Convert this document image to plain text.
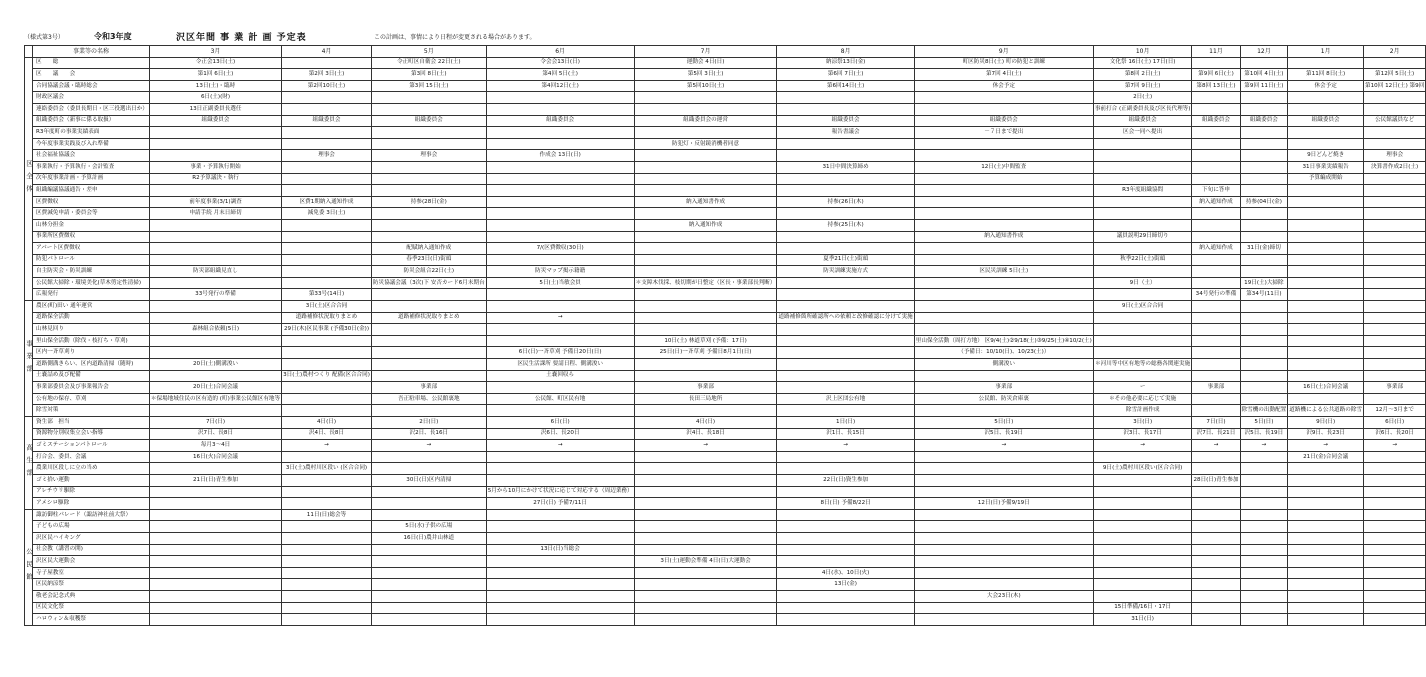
（様式第3号）	令和3年度	沢区年間 事 業 計 画 予定表	この計画は、事情により日程が変更される場合があります。
	事業等の名称	3月	4月	5月	6月	7月	8月	9月	10月	11月	12月	1月	2月
区全体	区　　総	令正会13日(土)		令正町区自衛会 22日(土)	令会会13日(日)	運動会 4日(日)	納涼祭13日(金)	町区防災8日(土) 町の防犯と訓練	文化祭 16日(土) 17日(日)				
	区　　議　　会	第1回 6日(土)	第2回 3日(土)	第3回 8日(土)	第4回 5日(土)	第5回 3日(土)	第6回 7日(土)	第7回 4日(土)	第8回 2日(土)	第9回 6日(土)	第10回 4日(土)	第11回 8日(土)	第12回 5日(土)
	合同協議会議・臨時総会	13日(土)・臨時	第2回10日(土)	第3回 15日(土)	第4回12日(土)	第5回10日(土)	第6回14日(土)	休会予定	第7回 9日(土)	第8回 13日(土)	第9回 11日(土)	休会予定	第10回 12日(土) 第9回
	財政区議会	6日(土)(財)							2日(土)				
	連絡委員会（委員長期日・区三役選出日か）	13日正副委員長選任							事前打合 (正副委員長及び区長代理等)				
	組織委員会（新事に係る取扱）	組織委員会	組織委員会	組織委員会	組織委員会	組織委員会の運営	組織委員会	組織委員会	組織委員会	組織委員会	組織委員会	組織委員会	公民館議員など
	R3年度町の事業実績表面						報告書議会	－７日まで提出	区会一同へ提出				
	今年度事業実践及び入れ準備					防犯灯・反射鏡消機者同意							
	社会福祉協議会		理事会	理事会	作成会 13日(日)							9日どんど焼き	理事会
	事業執行・予算執行・会計監査	事業・予算執行開始					31日中間決算締め	12日(土)中間監査				31日事業実績報告	決算書作成2日(土)
	次年度事業計画・予算計画	R2予算議決・執行										予算編成開始	
	組織編議協議通告・差申								R3年度組織協問	下旬に答申			
	区費徴収	前年度事業(3/1)調査	区費1期納入通知作成	持参(28日(金)		納入通知書作成	持参(26日(木)			納入通知作成	持参(04日(金)		
	区費減免申請・委員会等	申請手続 月末日締切	減免委 3日(土)										
	山林分担金					納入通知作成	持参(25日(木)						
	事業所区費徴収							納入通知書作成	議員説明29日締切り				
	アパート区費徴収			配賦納入通知作成	7/(区費徴収(30日)					納入通知作成	31日(金)締切		
	防犯パトロール			春季23日(日)街頭			夏季21日(土)街頭		秋季22日(土)街頭				
	自主防災会・防災訓練	防災部組織見直し		防災会組合22日(土)	防災マップ掲示籍籍		防災訓練実施方式	区民災訓練 5日(土)					
	公民館大掃除・環境美化(草木剪定性清掃)			防災協議会議（3次)下 安否カード6月末期台	5日(土)当敏会員	＊支障木伐採、枝切期が日整定（区長・事業部長判断）			9日（土）		19日(土)大掃除		
	広報発行	33号発行の準備	第33号(14日)							34号発行の準備	第34号(11日)		
事業部	農区(町)田い 通年運営		3日(土)区合合同						9日(土)区合合同				
	道路保全活動		道路補修状況取りまとめ	道路補修状況取りまとめ	→		道路補修箇所確認所への依頼と改修確認に分けて実施						
	山林見回り	森林組合依頼(5日)	29日(木)区民事業 (予備30日(金))										
	里山保全活動（除伐・枝打ち・草刈)					10日(土) 林道草刈 (予備：17日)		里山保全活動（周打方地） 区9/4(土)②9/18(土)③9/25(土)④10/2(土)					
	区内一斉草刈り				6日(日)一斉草刈 予備日20日(日)	25日(日)一斉草刈 予備日8月1日(日)		（予備日：10/10(日)、10/23(土)）					
	道路側溝きらい、区内道路清掃（随時)	20日(土)側溝浚い			区民生活課所 要請日程、側溝浚い			側溝浚い	＊河川等中区有地等の総務各関連実施				
	土嚢詰め及び配備		3日(土)農村つくり 配備(区合合同)		土嚢回収ら								
	事業部委員会及び事業報告会	20日(土)合同会議		事業部		事業部		事業部	ー	事業部		16日(土)合同会議	事業部
	公有地の保存、草刈	＊保場地域住民の区有造的 (町)事業公民館区有地等		吾正駐車場、公民館裏地	公民館、町区民有地	長田三局地所	沢上区団公有地	公民館、防災倉庫裏	＊その他必要に応じて実施				
	除雪対策								除雪計画作成		除雪機の出動配置	道路機による公共道路の除雪	12月～3月まで
高生部	資生部　担当	7日(日)	4日(日)	2日(日)	6日(日)	4日(日)	1日(日)	5日(日)	3日(日)	7日(日)	5日(日)	9日(日)	6日(日)
	資源物分別収集立会い指導	沢7日、長8日	沢4日、長8日	沢2日、長16日	沢6日、長20日	沢4日、長18日	沢1日、長15日	沢5日、長19日	沢3日、長17日	沢7日、長21日	沢5日、長19日	沢9日、長23日	沢6日、長20日
	ゴミステーションパトロール	毎月3～4日	→	→	→	→	→	→	→	→	→	→	→
	打合会、委員、会議	16日(火)合同会議										21日(金)合同会議	
	農業川区段しに立の当め		3日(土)農村川区段い (区合合同)						9日(土)農村川区段い(区合合同)				
	ゴミ拾い運動	21日(日)青生参加		30日(日)区内清掃			22日(日)資生参加			28日(日)青生参加			
	アレチウリ駆除				5月から10月にかけて状況に応じて対応する（周辺業務）								
	アメシロ駆除				27日(日) 予備7/11日		8日(日) 予備8/22日	12日(日)予備9/19日					
公民館	諏訪御柱パレード（諏訪神社前大祭）		11日(日)総会等										
	子どもの広場			5日(水)子供の広場									
	沢区民ハイキング			16日(日)農井山林道									
	社会教（講習の開)				13日(日)当総会								
	沢区民大運動会					3日(土)運動会準備 4日(日)大運動会							
	寺子屋教室						4日(水)、10日(火)						
	区民納涼祭						13日(金)						
	敬老会記念式典							大会23日(木)					
	区民文化祭								15日準備/16日・17日				
	ハロウィン＆収穫祭								31日(日)				
